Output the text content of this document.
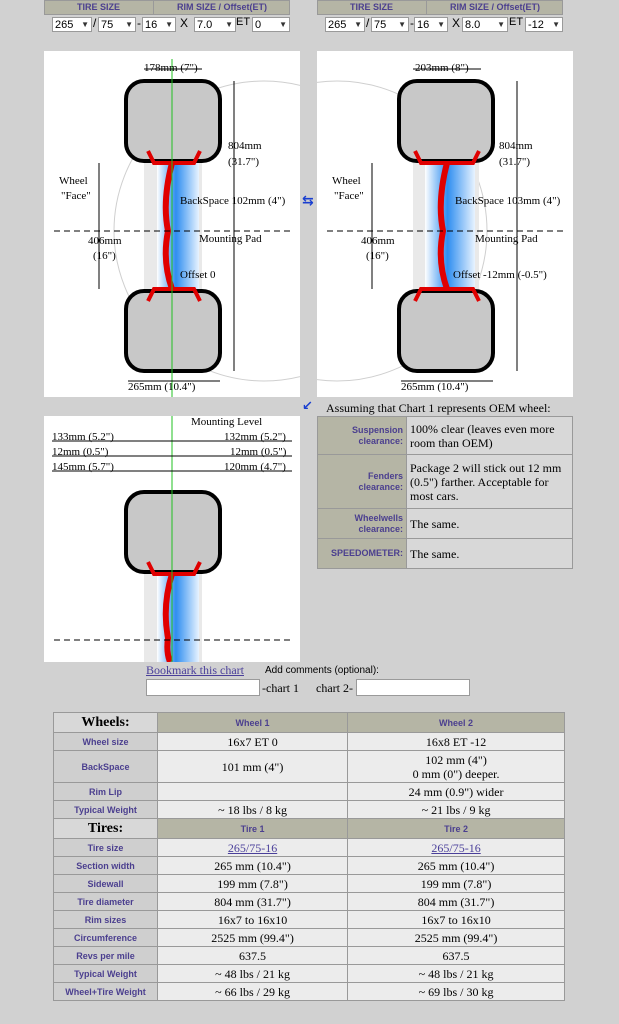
TIRE SIZE	RIM SIZE / Offset(ET)
265 ▼ / 75 ▼ - 16 ▼ X 7.0 ▼ ET 0 ▼
TIRE SIZE	RIM SIZE / Offset(ET)
265 ▼ / 75 ▼ - 16 ▼ X 8.0 ▼ ET -12 ▼
178mm (7")
804mm
(31.7")
Wheel
"Face"	BackSpace 102mm (4")
406mm
(16")
Mounting Pad
Offset 0
265mm (10.4")
⇆
↙
203mm (8")
804mm
(31.7")
Wheel
"Face"	BackSpace 103mm (4")
406mm
(16")
Mounting Pad
Offset -12mm (-0.5")
265mm (10.4")
Mounting Level
133mm (5.2")
12mm (0.5")
145mm (5.7")
132mm (5.2")
12mm (0.5")
120mm (4.7")
Assuming that Chart 1 represents OEM wheel:
Suspension clearance:	100% clear (leaves even more room than OEM)
Fenders clearance:	Package 2 will stick out 12 mm (0.5") farther. Acceptable for most cars.
Wheelwells clearance:	The same.
SPEEDOMETER:	The same.
Bookmark this chart Add comments (optional):
-chart 1 chart 2-
Wheels:	Wheel 1	Wheel 2
Wheel size	16x7 ET 0	16x8 ET -12
BackSpace	101 mm (4")	102 mm (4")
0 mm (0") deeper.

Rim Lip		24 mm (0.9") wider
Typical Weight	~ 18 lbs / 8 kg	~ 21 lbs / 9 kg
Tires:	Tire 1	Tire 2
Tire size	265/75-16	265/75-16
Section width	265 mm (10.4")	265 mm (10.4")
Sidewall	199 mm (7.8")	199 mm (7.8")
Tire diameter	804 mm (31.7")	804 mm (31.7")
Rim sizes	16x7 to 16x10	16x7 to 16x10
Circumference	2525 mm (99.4")	2525 mm (99.4")
Revs per mile	637.5	637.5
Typical Weight	~ 48 lbs / 21 kg	~ 48 lbs / 21 kg
Wheel+Tire Weight	~ 66 lbs / 29 kg	~ 69 lbs / 30 kg
